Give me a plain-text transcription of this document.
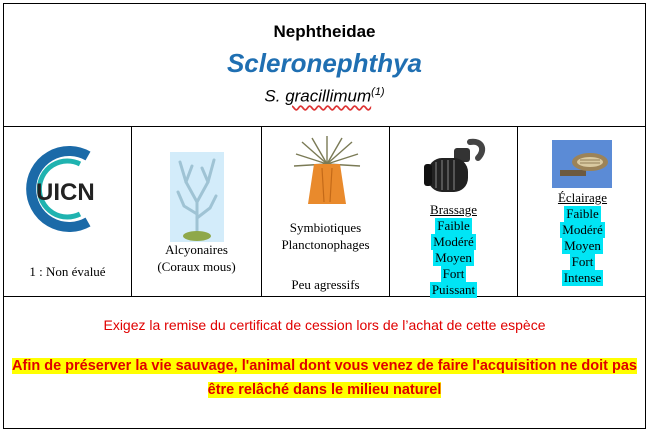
Nephtheidae
Scleronephthya
S. gracillimum$^{(1)}$
UICN
1 : Non évalué
Alcyonaires
(Coraux mous)
Symbiotiques
Planctonophages
Peu agressifs
Brassage
Faible
Modéré
Moyen
Fort
Puissant
Éclairage
Faible
Modéré
Moyen
Fort
Intense
Exigez la remise du certificat de cession lors de l’achat de cette espèce
Afin de préserver la vie sauvage, l'animal dont vous venez de faire l'acquisition ne doit pas être relâché dans le milieu naturel
